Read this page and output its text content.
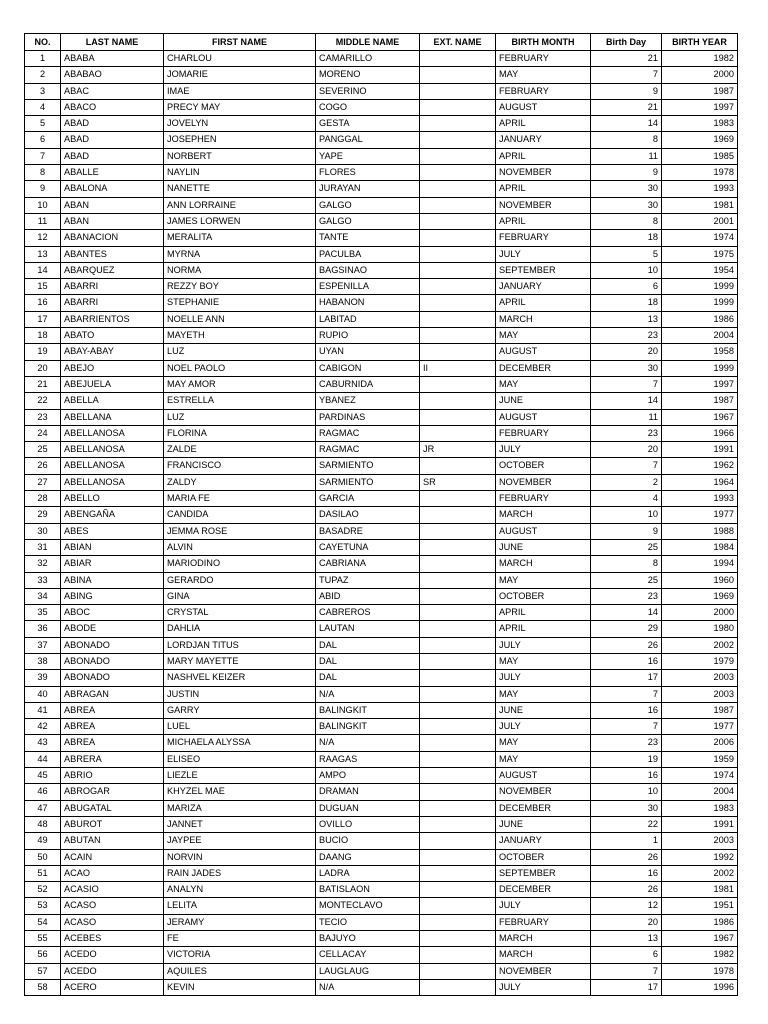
NO.	LAST NAME	FIRST NAME	MIDDLE NAME	EXT. NAME	BIRTH MONTH	Birth Day	BIRTH YEAR
1	ABABA	CHARLOU	CAMARILLO		FEBRUARY	21	1982
2	ABABAO	JOMARIE	MORENO		MAY	7	2000
3	ABAC	IMAE	SEVERINO		FEBRUARY	9	1987
4	ABACO	PRECY MAY	COGO		AUGUST	21	1997
5	ABAD	JOVELYN	GESTA		APRIL	14	1983
6	ABAD	JOSEPHEN	PANGGAL		JANUARY	8	1969
7	ABAD	NORBERT	YAPE		APRIL	11	1985
8	ABALLE	NAYLIN	FLORES		NOVEMBER	9	1978
9	ABALONA	NANETTE	JURAYAN		APRIL	30	1993
10	ABAN	ANN LORRAINE	GALGO		NOVEMBER	30	1981
11	ABAN	JAMES LORWEN	GALGO		APRIL	8	2001
12	ABANACION	MERALITA	TANTE		FEBRUARY	18	1974
13	ABANTES	MYRNA	PACULBA		JULY	5	1975
14	ABARQUEZ	NORMA	BAGSINAO		SEPTEMBER	10	1954
15	ABARRI	REZZY BOY	ESPENILLA		JANUARY	6	1999
16	ABARRI	STEPHANIE	HABANON		APRIL	18	1999
17	ABARRIENTOS	NOELLE ANN	LABITAD		MARCH	13	1986
18	ABATO	MAYETH	RUPIO		MAY	23	2004
19	ABAY-ABAY	LUZ	UYAN		AUGUST	20	1958
20	ABEJO	NOEL PAOLO	CABIGON	II	DECEMBER	30	1999
21	ABEJUELA	MAY AMOR	CABURNIDA		MAY	7	1997
22	ABELLA	ESTRELLA	YBANEZ		JUNE	14	1987
23	ABELLANA	LUZ	PARDINAS		AUGUST	11	1967
24	ABELLANOSA	FLORINA	RAGMAC		FEBRUARY	23	1966
25	ABELLANOSA	ZALDE	RAGMAC	JR	JULY	20	1991
26	ABELLANOSA	FRANCISCO	SARMIENTO		OCTOBER	7	1962
27	ABELLANOSA	ZALDY	SARMIENTO	SR	NOVEMBER	2	1964
28	ABELLO	MARIA FE	GARCIA		FEBRUARY	4	1993
29	ABENGAÑA	CANDIDA	DASILAO		MARCH	10	1977
30	ABES	JEMMA ROSE	BASADRE		AUGUST	9	1988
31	ABIAN	ALVIN	CAYETUNA		JUNE	25	1984
32	ABIAR	MARIODINO	CABRIANA		MARCH	8	1994
33	ABINA	GERARDO	TUPAZ		MAY	25	1960
34	ABING	GINA	ABID		OCTOBER	23	1969
35	ABOC	CRYSTAL	CABREROS		APRIL	14	2000
36	ABODE	DAHLIA	LAUTAN		APRIL	29	1980
37	ABONADO	LORDJAN TITUS	DAL		JULY	26	2002
38	ABONADO	MARY MAYETTE	DAL		MAY	16	1979
39	ABONADO	NASHVEL KEIZER	DAL		JULY	17	2003
40	ABRAGAN	JUSTIN	N/A		MAY	7	2003
41	ABREA	GARRY	BALINGKIT		JUNE	16	1987
42	ABREA	LUEL	BALINGKIT		JULY	7	1977
43	ABREA	MICHAELA ALYSSA	N/A		MAY	23	2006
44	ABRERA	ELISEO	RAAGAS		MAY	19	1959
45	ABRIO	LIEZLE	AMPO		AUGUST	16	1974
46	ABROGAR	KHYZEL MAE	DRAMAN		NOVEMBER	10	2004
47	ABUGATAL	MARIZA	DUGUAN		DECEMBER	30	1983
48	ABUROT	JANNET	OVILLO		JUNE	22	1991
49	ABUTAN	JAYPEE	BUCIO		JANUARY	1	2003
50	ACAIN	NORVIN	DAANG		OCTOBER	26	1992
51	ACAO	RAIN JADES	LADRA		SEPTEMBER	16	2002
52	ACASIO	ANALYN	BATISLAON		DECEMBER	26	1981
53	ACASO	LELITA	MONTECLAVO		JULY	12	1951
54	ACASO	JERAMY	TECIO		FEBRUARY	20	1986
55	ACEBES	FE	BAJUYO		MARCH	13	1967
56	ACEDO	VICTORIA	CELLACAY		MARCH	6	1982
57	ACEDO	AQUILES	LAUGLAUG		NOVEMBER	7	1978
58	ACERO	KEVIN	N/A		JULY	17	1996
